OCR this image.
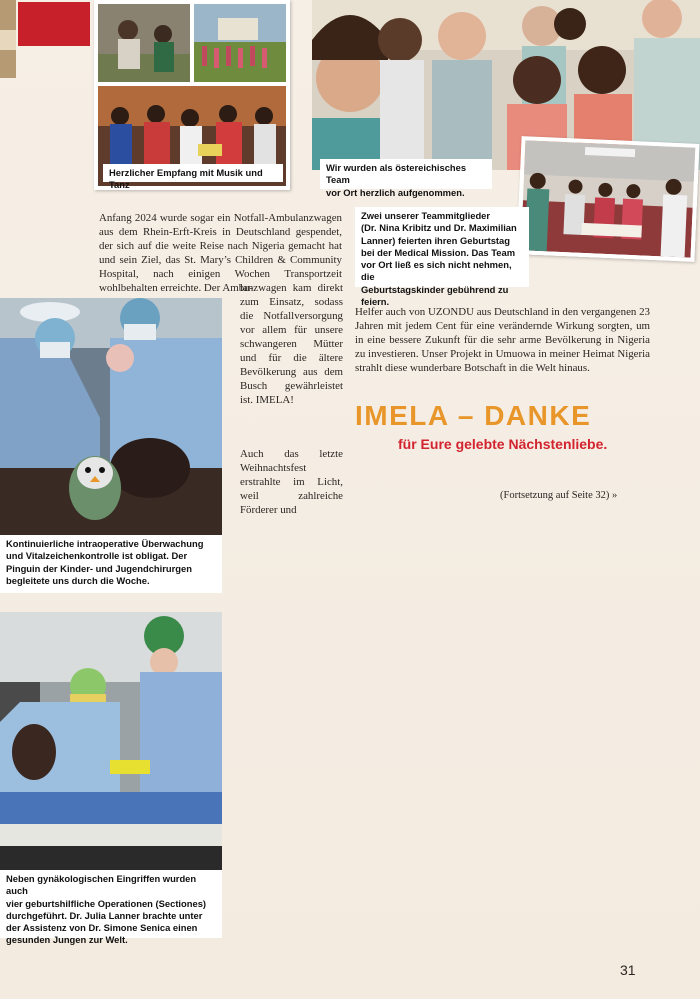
Herzlicher Empfang mit Musik und Tanz
Wir wurden als östereichisches Team
vor Ort herzlich aufgenommen.
Zwei unserer Teammitglieder
(Dr. Nina Kribitz und Dr. Maximilian
Lanner) feierten ihren Geburtstag
bei der Medical Mission. Das Team
vor Ort ließ es sich nicht nehmen, die
Geburtstagskinder gebührend zu feiern.
Anfang 2024 wurde sogar ein Notfall-Ambulanzwagen aus dem Rhein-Erft-Kreis in Deutschland gespendet, der sich auf die weite Reise nach Nigeria gemacht hat und sein Ziel, das St. Mary’s Children & Community Hospital, nach einigen Wochen Transportzeit wohlbehalten erreichte. Der Ambu-
Kontinuierliche intraoperative Überwachung
und Vitalzeichenkontrolle ist obligat. Der
Pinguin der Kinder- und Jugendchirurgen
begleitete uns durch die Woche.
lanzwagen kam direkt zum Einsatz, sodass die Notfallversorgung vor allem für unsere schwangeren Mütter und für die ältere Bevölkerung aus dem Busch gewährleistet ist. IMELA!
Auch das letzte Weihnachtsfest erstrahlte im Licht, weil zahlreiche Förderer und
Helfer auch von UZONDU aus Deutschland in den vergangenen 23 Jahren mit jedem Cent für eine verändernde Wirkung sorgten, um in eine bessere Zukunft für die sehr arme Bevölkerung in Nigeria zu investieren. Unser Projekt in Umuowa in meiner Heimat Nigeria strahlt diese wunderbare Botschaft in die Welt hinaus.
IMELA – DANKE
für Eure gelebte Nächstenliebe.
(Fortsetzung auf Seite 32) »
Neben gynäkologischen Eingriffen wurden auch
vier geburtshilfliche Operationen (Sectiones)
durchgeführt. Dr. Julia Lanner brachte unter
der Assistenz von Dr. Simone Senica einen
gesunden Jungen zur Welt.
31
